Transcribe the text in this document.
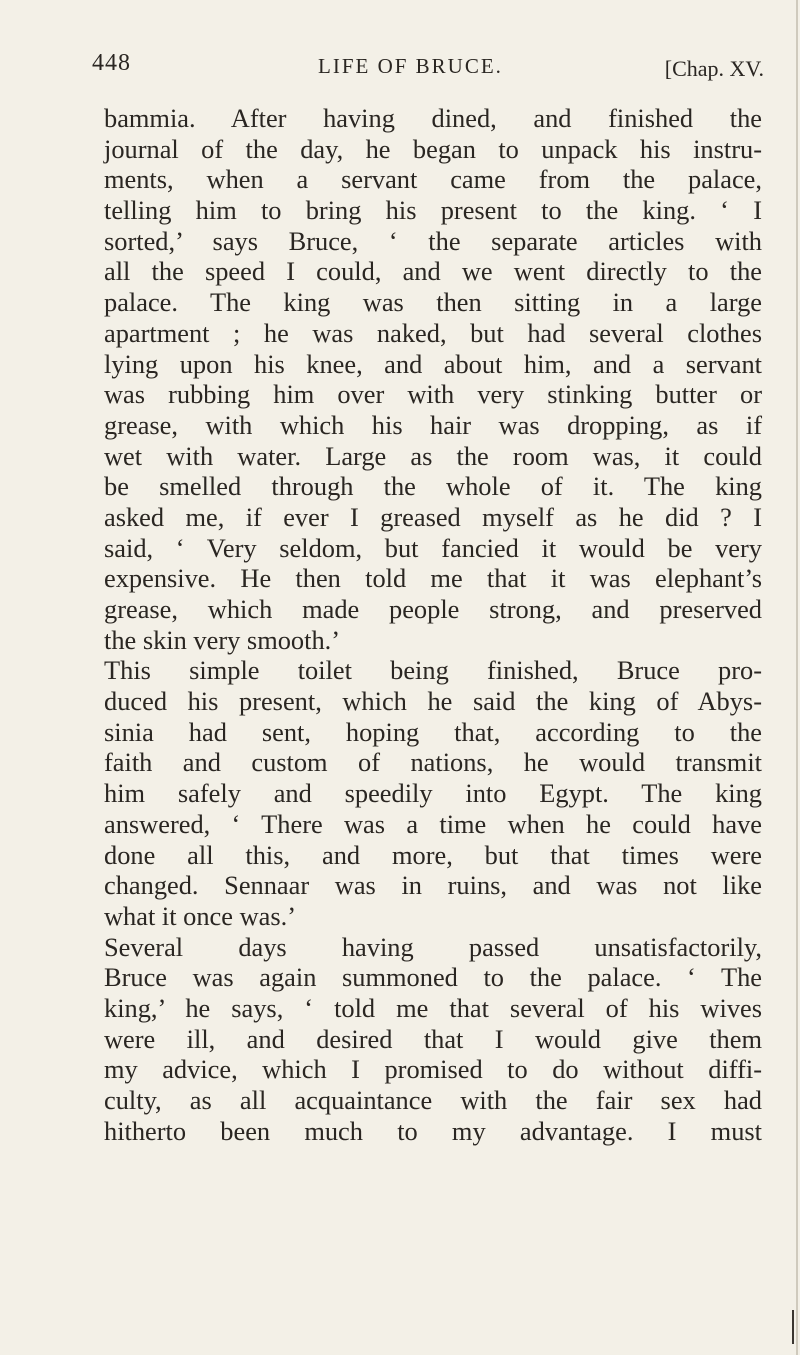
448	LIFE OF BRUCE.	[Chap. XV.
bammia. After having dined, and finished the
journal of the day, he began to unpack his instru-
ments, when a servant came from the palace,
telling him to bring his present to the king. ‘ I
sorted,’ says Bruce, ‘ the separate articles with
all the speed I could, and we went directly to the
palace. The king was then sitting in a large
apartment ; he was naked, but had several clothes
lying upon his knee, and about him, and a servant
was rubbing him over with very stinking butter or
grease, with which his hair was dropping, as if
wet with water. Large as the room was, it could
be smelled through the whole of it. The king
asked me, if ever I greased myself as he did ? I
said, ‘ Very seldom, but fancied it would be very
expensive. He then told me that it was elephant’s
grease, which made people strong, and preserved
the skin very smooth.’
This simple toilet being finished, Bruce pro-
duced his present, which he said the king of Abys-
sinia had sent, hoping that, according to the
faith and custom of nations, he would transmit
him safely and speedily into Egypt. The king
answered, ‘ There was a time when he could have
done all this, and more, but that times were
changed. Sennaar was in ruins, and was not like
what it once was.’
Several days having passed unsatisfactorily,
Bruce was again summoned to the palace. ‘ The
king,’ he says, ‘ told me that several of his wives
were ill, and desired that I would give them
my advice, which I promised to do without diffi-
culty, as all acquaintance with the fair sex had
hitherto been much to my advantage. I must
